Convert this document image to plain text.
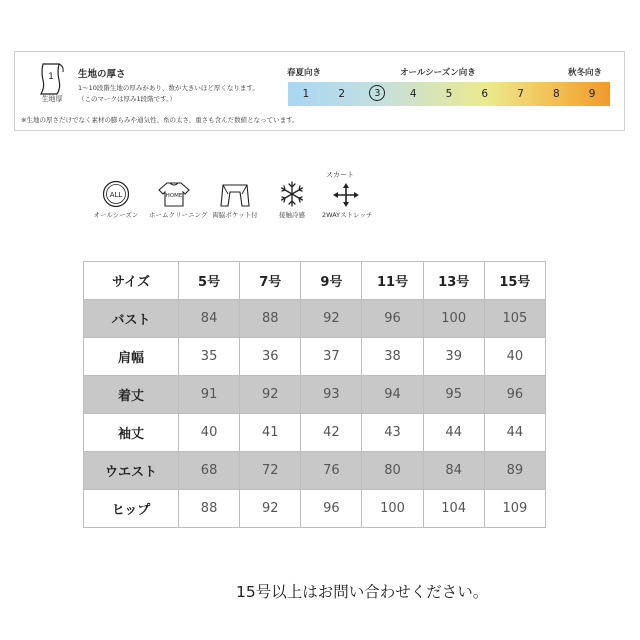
1
生地厚
生地の厚さ
1〜10段階生地の厚みがあり、数が大きいほど厚くなります。
（このマークは厚み1段階です。）
※生地の厚さだけでなく素材の膨らみや通気性、糸の太さ、重さも含んだ数値となっています。
春夏向き	オールシーズン向き	秋冬向き
1	2	3	4	5	6	7	8	9
ALL
オールシーズン
HOME
ホームクリーニング 両脇ポケット付	接触冷感
スカート
2WAYストレッチ
サイズ	5号	7号	9号	11号	13号	15号
バスト	84	88	92	96	100	105
肩幅	35	36	37	38	39	40
着丈	91	92	93	94	95	96
袖丈	40	41	42	43	44	44
ウエスト	68	72	76	80	84	89
ヒップ	88	92	96	100	104	109
15号以上はお問い合わせください。
